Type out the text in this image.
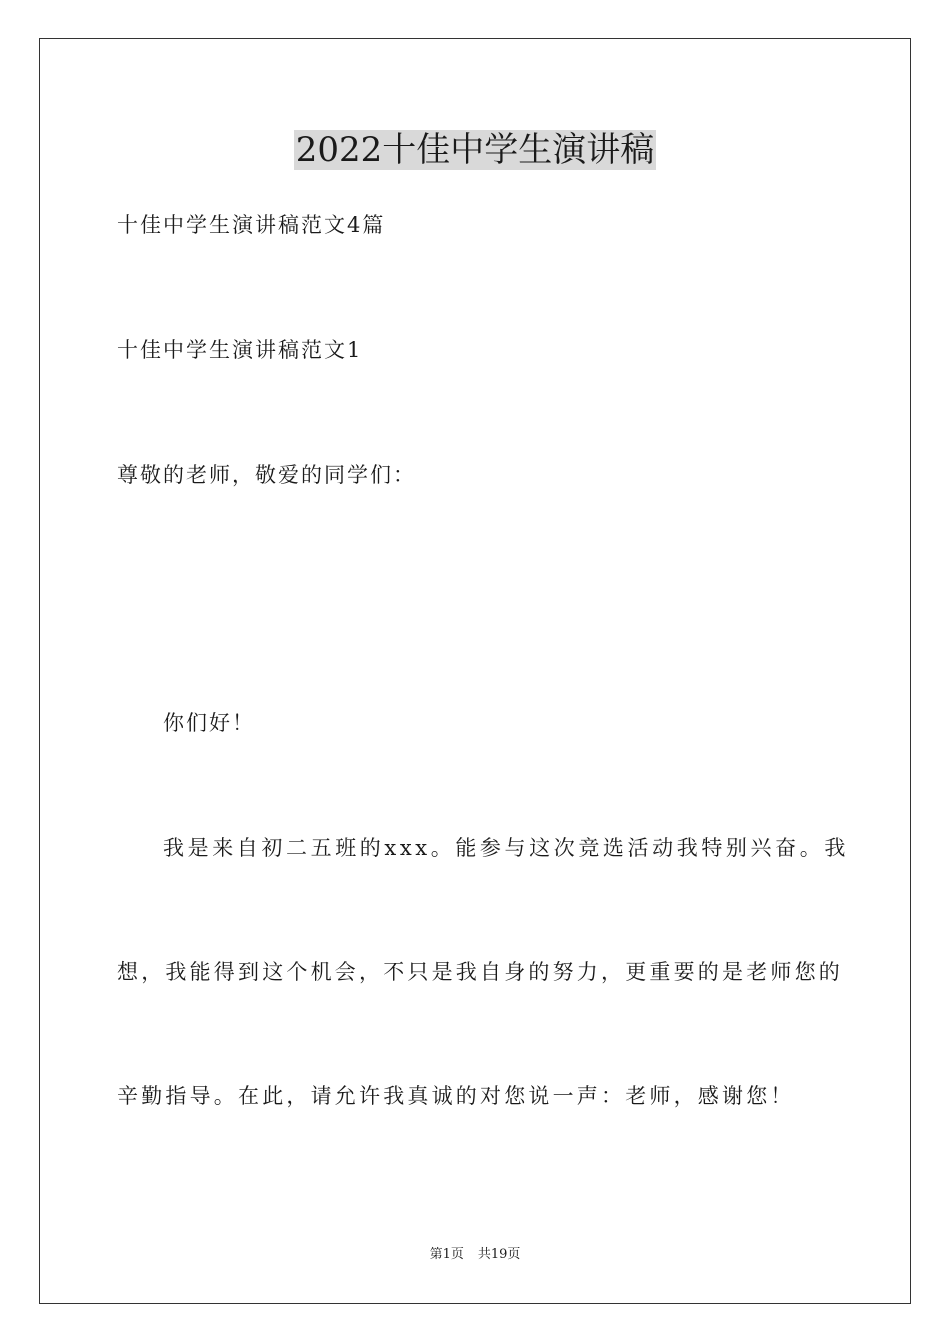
2022十佳中学生演讲稿
十佳中学生演讲稿范文4篇
十佳中学生演讲稿范文1
尊敬的老师，敬爱的同学们：
你们好！
我是来自初二五班的xxx。能参与这次竞选活动我特别兴奋。我
想，我能得到这个机会，不只是我自身的努力，更重要的是老师您的
辛勤指导。在此，请允许我真诚的对您说一声：老师，感谢您！
第1页 共19页
